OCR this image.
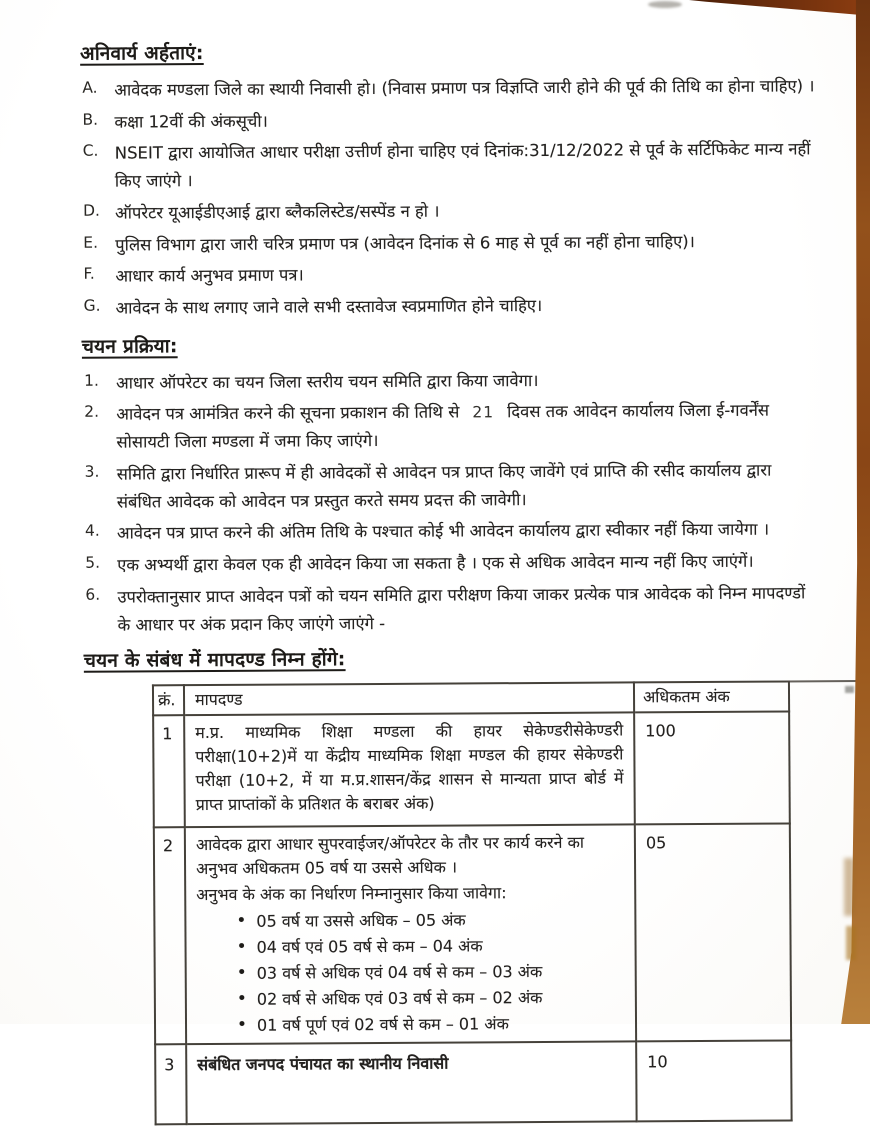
अनिवार्य अर्हताएं:
A.	आवेदक मण्डला जिले का स्थायी निवासी हो। (निवास प्रमाण पत्र विज्ञप्ति जारी होने की पूर्व की तिथि का होना चाहिए) ।
B. कक्षा 12वीं की अंकसूची।
C. NSEIT द्वारा आयोजित आधार परीक्षा उत्तीर्ण होना चाहिए एवं दिनांक:31/12/2022 से पूर्व के सर्टिफिकेट मान्य नहीं किए जाएंगे ।
D. ऑपरेटर यूआईडीएआई द्वारा ब्लैकलिस्टेड/सस्पेंड न हो ।
E.	पुलिस विभाग द्वारा जारी चरित्र प्रमाण पत्र (आवेदन दिनांक से 6 माह से पूर्व का नहीं होना चाहिए)।
F.	आधार कार्य अनुभव प्रमाण पत्र।
G. आवेदन के साथ लगाए जाने वाले सभी दस्तावेज स्वप्रमाणित होने चाहिए।
चयन प्रक्रिया:
1.	आधार ऑपरेटर का चयन जिला स्तरीय चयन समिति द्वारा किया जावेगा।
2.	आवेदन पत्र आमंत्रित करने की सूचना प्रकाशन की तिथि से 21 दिवस तक आवेदन कार्यालय जिला ई-गवर्नेंस सोसायटी जिला मण्डला में जमा किए जाएंगे।
3.	समिति द्वारा निर्धारित प्रारूप में ही आवेदकों से आवेदन पत्र प्राप्त किए जावेंगे एवं प्राप्ति की रसीद कार्यालय द्वारा संबंधित आवेदक को आवेदन पत्र प्रस्तुत करते समय प्रदत्त की जावेगी।
4.	आवेदन पत्र प्राप्त करने की अंतिम तिथि के पश्चात कोई भी आवेदन कार्यालय द्वारा स्वीकार नहीं किया जायेगा ।
5.	एक अभ्यर्थी द्वारा केवल एक ही आवेदन किया जा सकता है । एक से अधिक आवेदन मान्य नहीं किए जाएंगें।
6.	उपरोक्तानुसार प्राप्त आवेदन पत्रों को चयन समिति द्वारा परीक्षण किया जाकर प्रत्येक पात्र आवेदक को निम्न मापदण्डों के आधार पर अंक प्रदान किए जाएंगे जाएंगे -
चयन के संबंध में मापदण्ड निम्न होंगे:
क्रं.	मापदण्ड	अधिकतम अंक
1	म.प्र. माध्यमिक शिक्षा मण्डला की हायर सेकेण्डरीसेकेण्डरी परीक्षा(10+2)में या केंद्रीय माध्यमिक शिक्षा मण्डल की हायर सेकेण्डरी परीक्षा (10+2, में या म.प्र.शासन/केंद्र शासन से मान्यता प्राप्त बोर्ड में प्राप्त प्राप्तांकों के प्रतिशत के बराबर अंक)	100
2	आवेदक द्वारा आधार सुपरवाईजर/ऑपरेटर के तौर पर कार्य करने का अनुभव अधिकतम 05 वर्ष या उससे अधिक ।

अनुभव के अंक का निर्धारण निम्नानुसार किया जावेगा:

• 05 वर्ष या उससे अधिक – 05 अंक
• 04 वर्ष एवं 05 वर्ष से कम – 04 अंक
• 03 वर्ष से अधिक एवं 04 वर्ष से कम – 03 अंक
• 02 वर्ष से अधिक एवं 03 वर्ष से कम – 02 अंक
• 01 वर्ष पूर्ण एवं 02 वर्ष से कम – 01 अंक
	05
3	संबंधित जनपद पंचायत का स्थानीय निवासी	10
